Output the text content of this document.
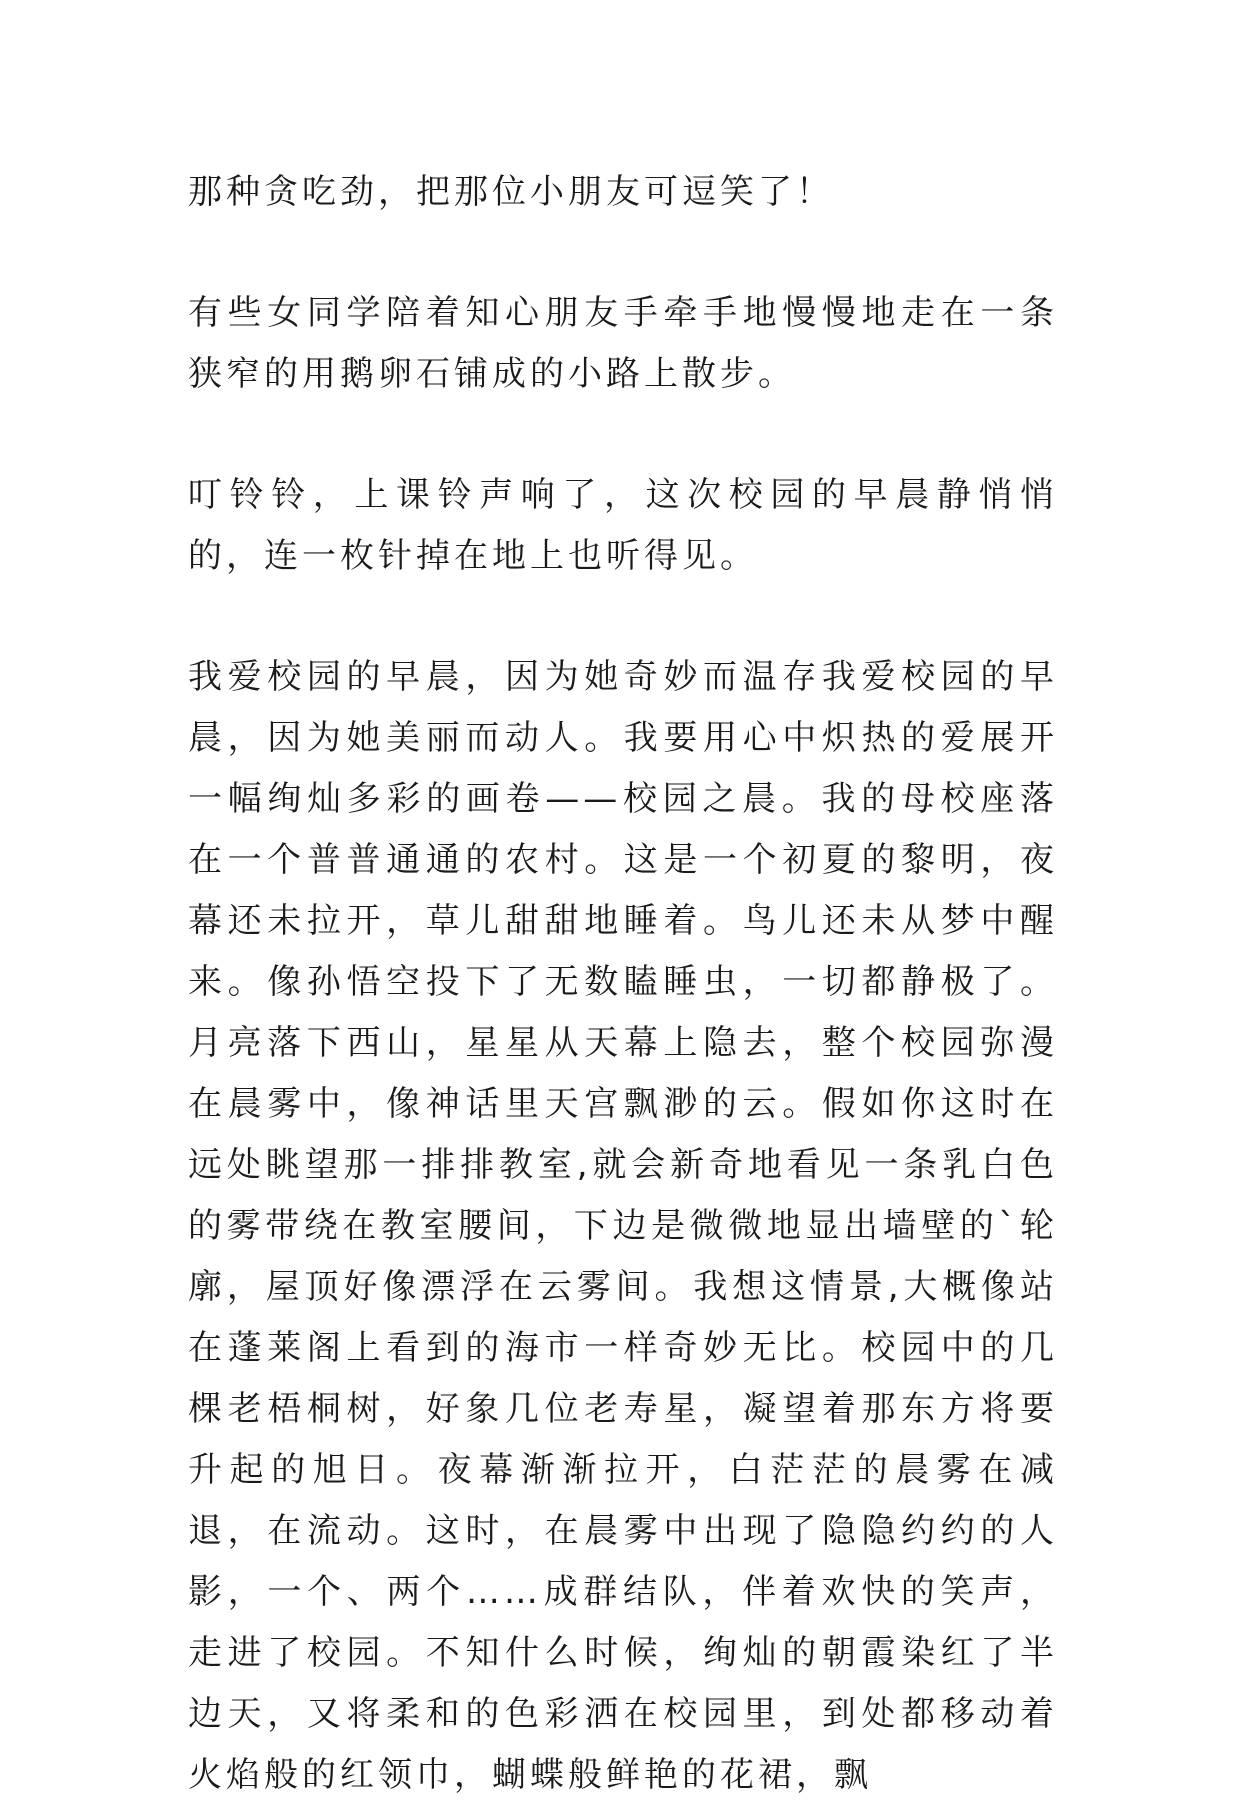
那种贪吃劲，把那位小朋友可逗笑了！

有些女同学陪着知心朋友手牵手地慢慢地走在一条狭窄的用鹅卵石铺成的小路上散步。

叮铃铃，上课铃声响了，这次校园的早晨静悄悄的，连一枚针掉在地上也听得见。

我爱校园的早晨，因为她奇妙而温存我爱校园的早晨，因为她美丽而动人。我要用心中炽热的爱展开一幅绚灿多彩的画卷——校园之晨。我的母校座落在一个普普通通的农村。这是一个初夏的黎明，夜幕还未拉开，草儿甜甜地睡着。鸟儿还未从梦中醒来。像孙悟空投下了无数瞌睡虫，一切都静极了。月亮落下西山，星星从天幕上隐去，整个校园弥漫在晨雾中，像神话里天宫飘渺的云。假如你这时在远处眺望那一排排教室,就会新奇地看见一条乳白色的雾带绕在教室腰间，下边是微微地显出墙壁的`轮廓，屋顶好像漂浮在云雾间。我想这情景,大概像站在蓬莱阁上看到的海市一样奇妙无比。校园中的几棵老梧桐树，好象几位老寿星，凝望着那东方将要升起的旭日。夜幕渐渐拉开，白茫茫的晨雾在减退，在流动。这时，在晨雾中出现了隐隐约约的人影，一个、两个……成群结队，伴着欢快的笑声，走进了校园。不知什么时候，绚灿的朝霞染红了半边天，又将柔和的色彩洒在校园里，到处都移动着火焰般的红领巾，蝴蝶般鲜艳的花裙，飘
